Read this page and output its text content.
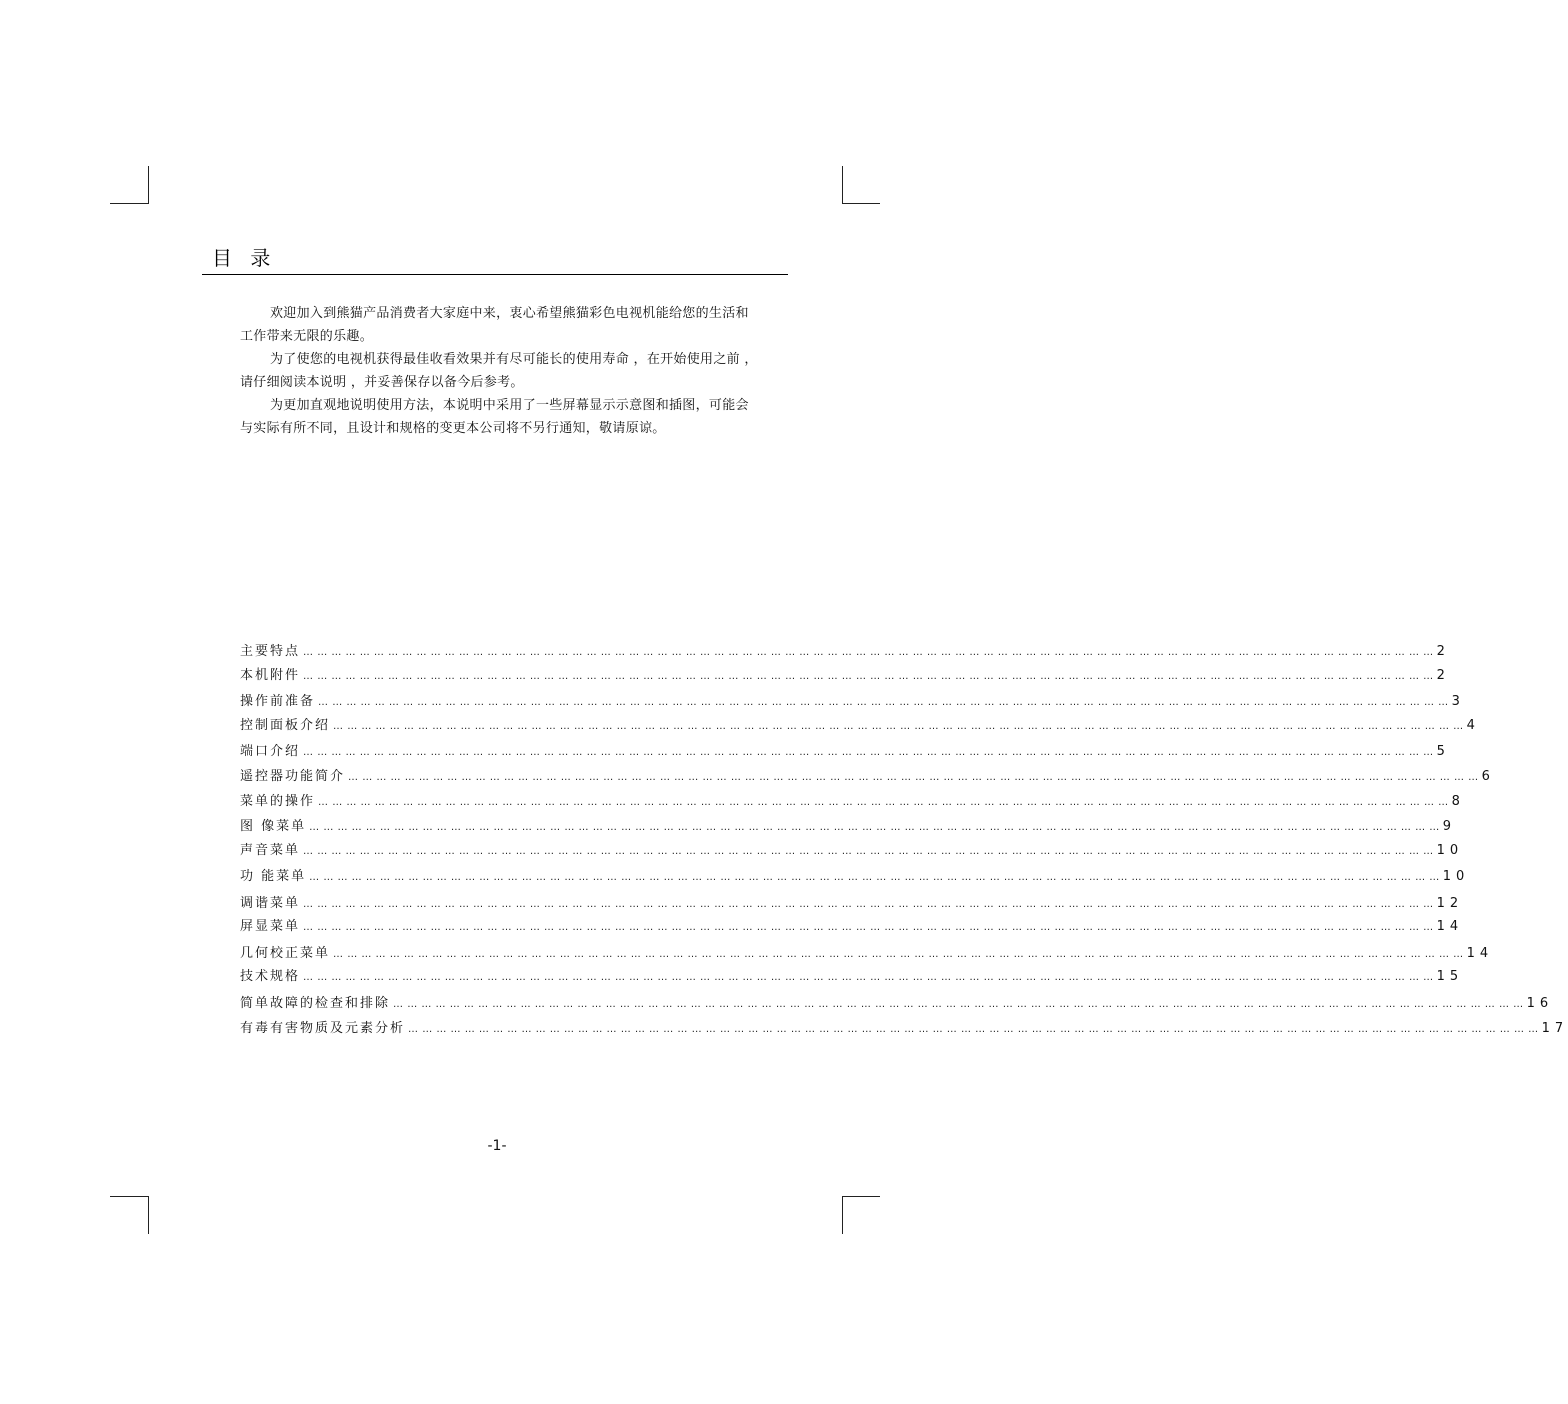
目 录

欢迎加入到熊猫产品消费者大家庭中来，衷心希望熊猫彩色电视机能给您的生活和工作带来无限的乐趣。

为了使您的电视机获得最佳收看效果并有尽可能长的使用寿命 ，在开始使用之前 ，请仔细阅读本说明 ，并妥善保存以备今后参考。

为更加直观地说明使用方法，本说明中采用了一些屏幕显示示意图和插图，可能会与实际有所不同，且设计和规格的变更本公司将不另行通知，敬请原谅。

主要特点 … … … … … … … … … … … … … … … … … … … … … … … … … … … … … … … … … … … … … … … … … … … … … … … … … … … … … … … … … … … … … … … … … … … … … … … … … … … … … … … … 2
本机附件 … … … … … … … … … … … … … … … … … … … … … … … … … … … … … … … … … … … … … … … … … … … … … … … … … … … … … … … … … … … … … … … … … … … … … … … … … … … … … … … … 2
操作前准备 … … … … … … … … … … … … … … … … … … … … … … … … … … … … … … … … … … … … … … … … … … … … … … … … … … … … … … … … … … … … … … … … … … … … … … … … … … … … … … … … 3
控制面板介绍 … … … … … … … … … … … … … … … … … … … … … … … … … … … … … … … … … … … … … … … … … … … … … … … … … … … … … … … … … … … … … … … … … … … … … … … … … … … … … … … … 4
端口介绍 … … … … … … … … … … … … … … … … … … … … … … … … … … … … … … … … … … … … … … … … … … … … … … … … … … … … … … … … … … … … … … … … … … … … … … … … … … … … … … … … 5
遥控器功能简介 … … … … … … … … … … … … … … … … … … … … … … … … … … … … … … … … … … … … … … … … … … … … … … … … … … … … … … … … … … … … … … … … … … … … … … … … … … … … … … … … 6
菜单的操作 … … … … … … … … … … … … … … … … … … … … … … … … … … … … … … … … … … … … … … … … … … … … … … … … … … … … … … … … … … … … … … … … … … … … … … … … … … … … … … … … 8
图 像菜单 … … … … … … … … … … … … … … … … … … … … … … … … … … … … … … … … … … … … … … … … … … … … … … … … … … … … … … … … … … … … … … … … … … … … … … … … … … … … … … … … 9
声音菜单 … … … … … … … … … … … … … … … … … … … … … … … … … … … … … … … … … … … … … … … … … … … … … … … … … … … … … … … … … … … … … … … … … … … … … … … … … … … … … … … … 10
功 能菜单 … … … … … … … … … … … … … … … … … … … … … … … … … … … … … … … … … … … … … … … … … … … … … … … … … … … … … … … … … … … … … … … … … … … … … … … … … … … … … … … … 10
调谐菜单 … … … … … … … … … … … … … … … … … … … … … … … … … … … … … … … … … … … … … … … … … … … … … … … … … … … … … … … … … … … … … … … … … … … … … … … … … … … … … … … … 12
屏显菜单 … … … … … … … … … … … … … … … … … … … … … … … … … … … … … … … … … … … … … … … … … … … … … … … … … … … … … … … … … … … … … … … … … … … … … … … … … … … … … … … … 14
几何校正菜单 … … … … … … … … … … … … … … … … … … … … … … … … … … … … … … … … … … … … … … … … … … … … … … … … … … … … … … … … … … … … … … … … … … … … … … … … … … … … … … … … 14
技术规格 … … … … … … … … … … … … … … … … … … … … … … … … … … … … … … … … … … … … … … … … … … … … … … … … … … … … … … … … … … … … … … … … … … … … … … … … … … … … … … … … 15
简单故障的检查和排除 … … … … … … … … … … … … … … … … … … … … … … … … … … … … … … … … … … … … … … … … … … … … … … … … … … … … … … … … … … … … … … … … … … … … … … … … … … … … … … … … 16
有毒有害物质及元素分析 … … … … … … … … … … … … … … … … … … … … … … … … … … … … … … … … … … … … … … … … … … … … … … … … … … … … … … … … … … … … … … … … … … … … … … … … … … … … … … … … 17
-1-
